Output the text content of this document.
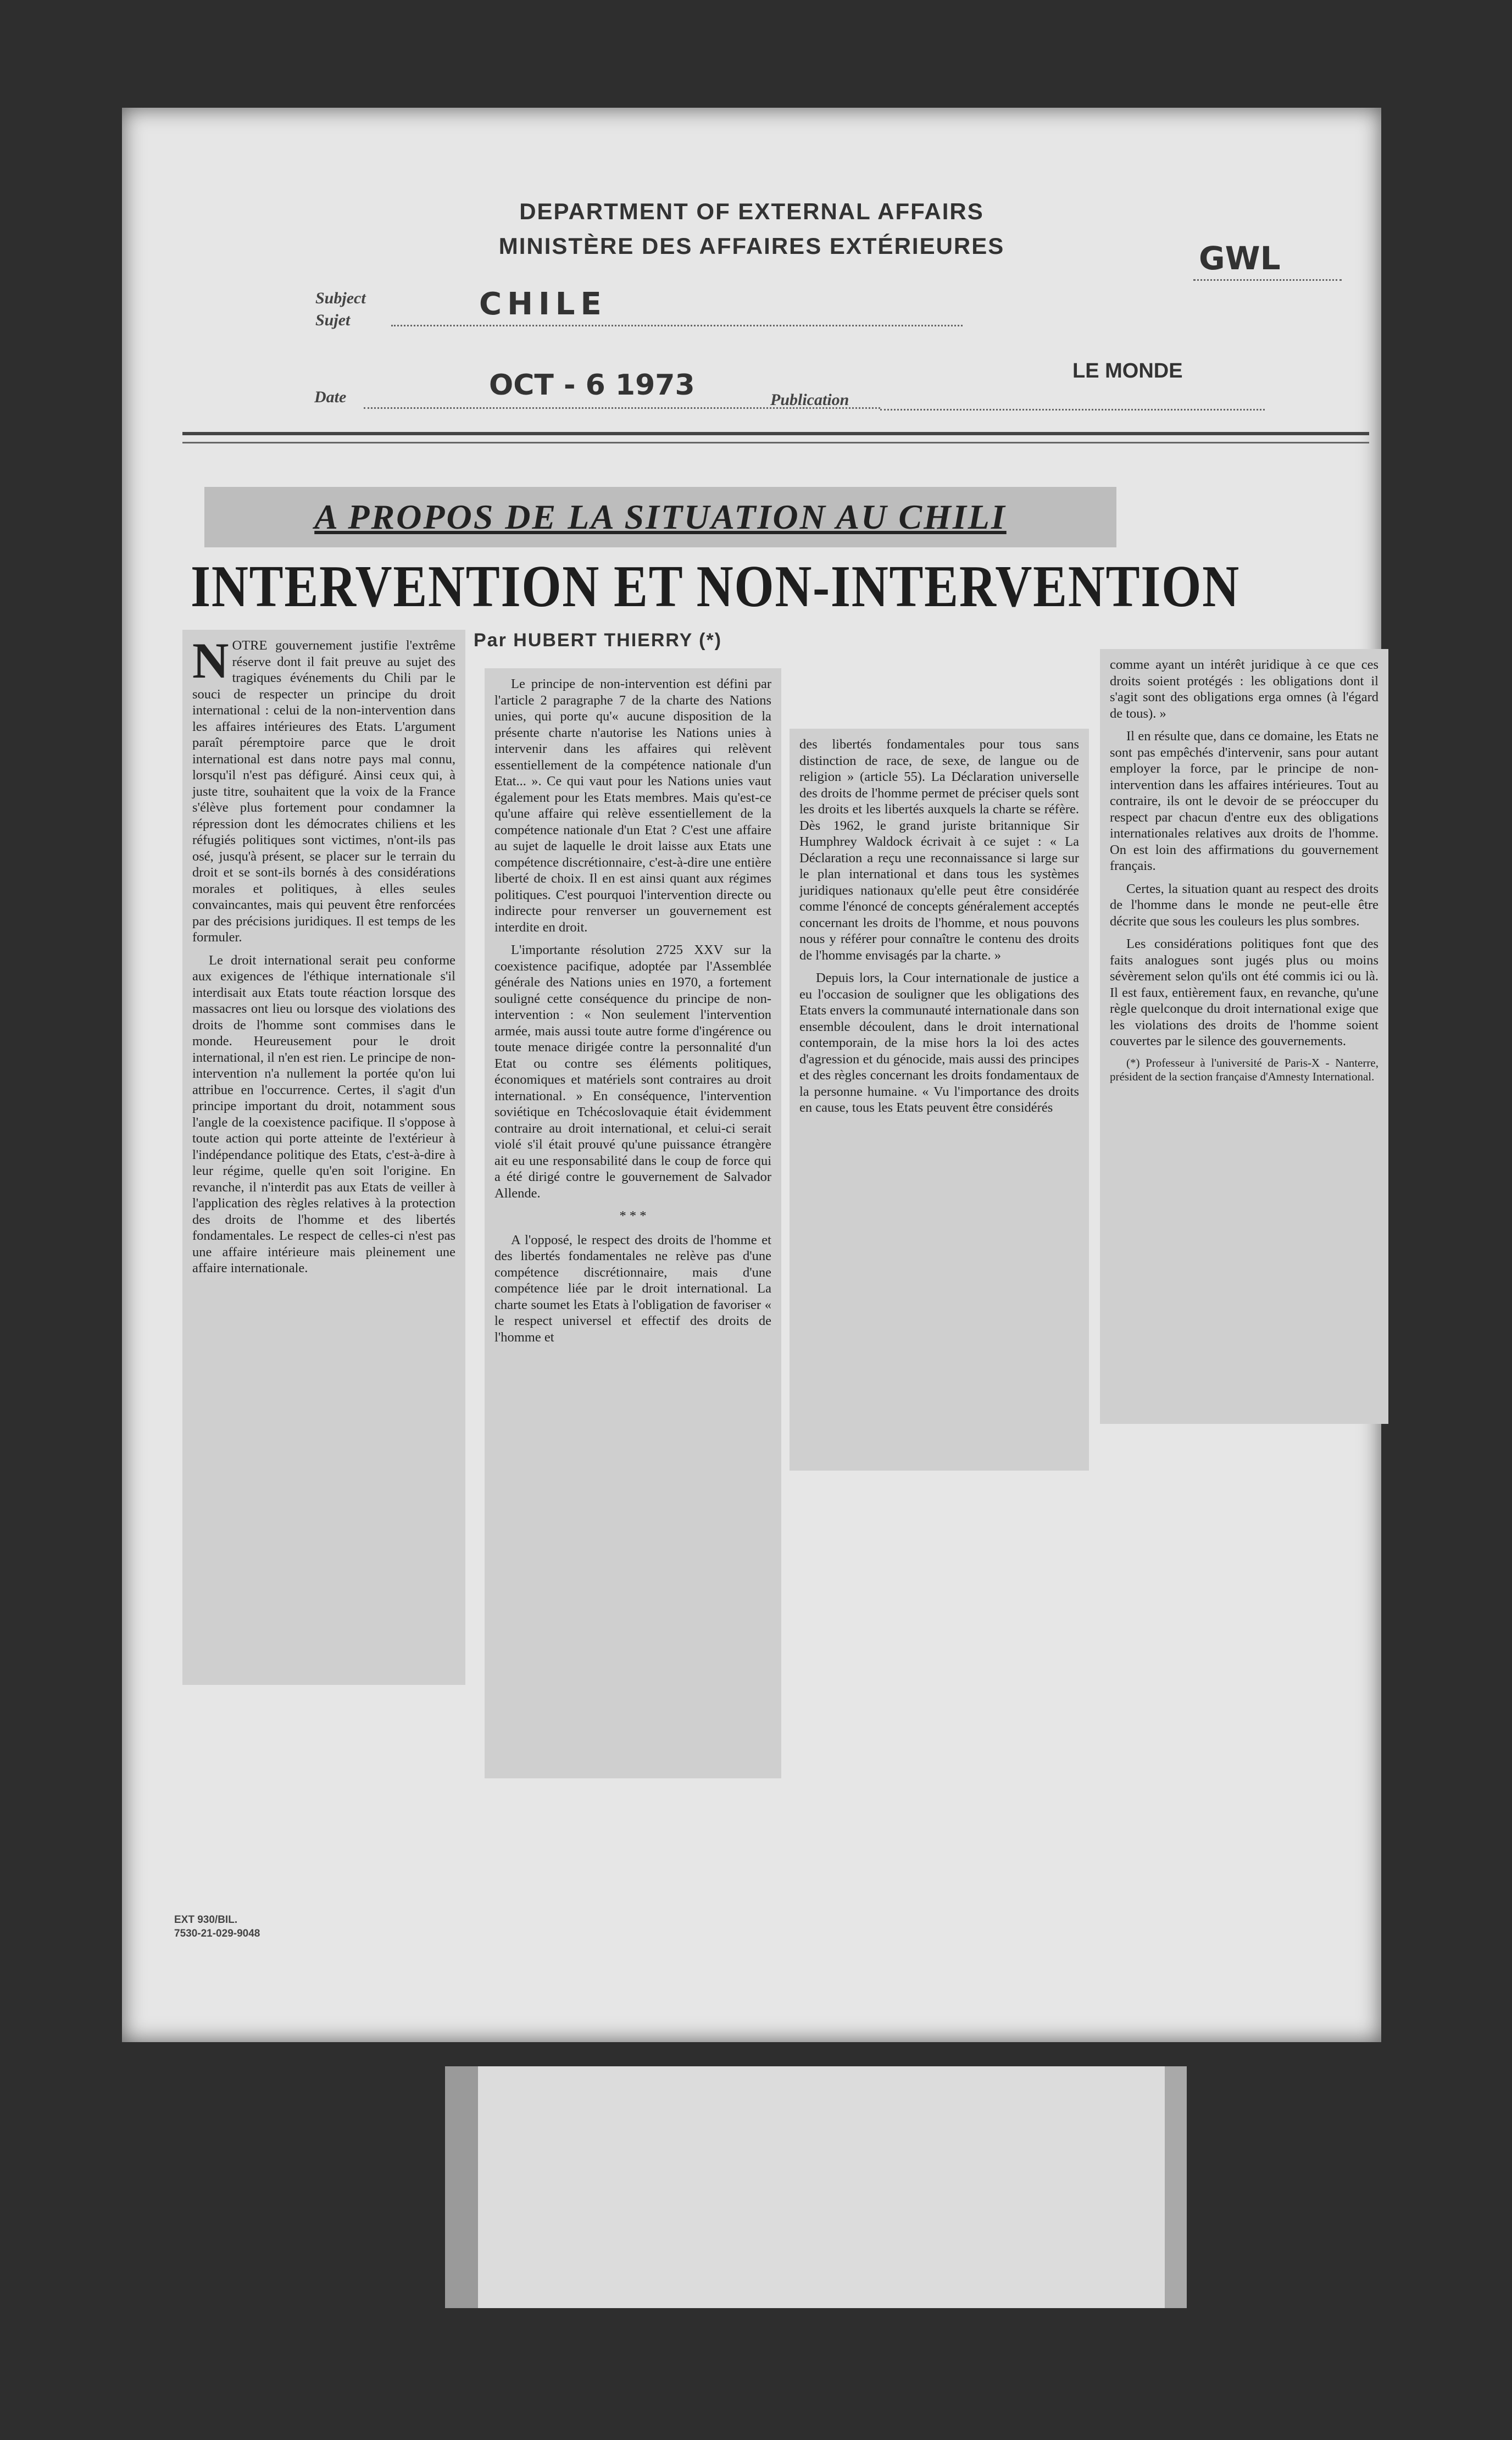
DEPARTMENT OF EXTERNAL AFFAIRS
MINISTÈRE DES AFFAIRES EXTÉRIEURES	GWL
Subject
Sujet	CHILE
Date	OCT - 6 1973	Publication
LE MONDE
A PROPOS DE LA SITUATION AU CHILI
INTERVENTION ET NON-INTERVENTION
Par HUBERT THIERRY (*)

NOTRE gouvernement justifie l'extrême réserve dont il fait preuve au sujet des tragiques événements du Chili par le souci de respecter un principe du droit international : celui de la non-intervention dans les affaires intérieures des Etats. L'argument paraît péremptoire parce que le droit international est dans notre pays mal connu, lorsqu'il n'est pas défiguré. Ainsi ceux qui, à juste titre, souhaitent que la voix de la France s'élève plus fortement pour condamner la répression dont les démocrates chiliens et les réfugiés politiques sont victimes, n'ont-ils pas osé, jusqu'à présent, se placer sur le terrain du droit et se sont-ils bornés à des considérations morales et politiques, à elles seules convaincantes, mais qui peuvent être renforcées par des précisions juridiques. Il est temps de les formuler.

Le droit international serait peu conforme aux exigences de l'éthique internationale s'il interdisait aux Etats toute réaction lorsque des massacres ont lieu ou lorsque des violations des droits de l'homme sont commises dans le monde. Heureusement pour le droit international, il n'en est rien. Le principe de non-intervention n'a nullement la portée qu'on lui attribue en l'occurrence. Certes, il s'agit d'un principe important du droit, notamment sous l'angle de la coexistence pacifique. Il s'oppose à toute action qui porte atteinte de l'extérieur à l'indépendance politique des Etats, c'est-à-dire à leur régime, quelle qu'en soit l'origine. En revanche, il n'interdit pas aux Etats de veiller à l'application des règles relatives à la protection des droits de l'homme et des libertés fondamentales. Le respect de celles-ci n'est pas une affaire intérieure mais pleinement une affaire internationale.

Le principe de non-intervention est défini par l'article 2 paragraphe 7 de la charte des Nations unies, qui porte qu'« aucune disposition de la présente charte n'autorise les Nations unies à intervenir dans les affaires qui relèvent essentiellement de la compétence nationale d'un Etat... ». Ce qui vaut pour les Nations unies vaut également pour les Etats membres. Mais qu'est-ce qu'une affaire qui relève essentiellement de la compétence nationale d'un Etat ? C'est une affaire au sujet de laquelle le droit laisse aux Etats une compétence discrétionnaire, c'est-à-dire une entière liberté de choix. Il en est ainsi quant aux régimes politiques. C'est pourquoi l'intervention directe ou indirecte pour renverser un gouvernement est interdite en droit.

L'importante résolution 2725 XXV sur la coexistence pacifique, adoptée par l'Assemblée générale des Nations unies en 1970, a fortement souligné cette conséquence du principe de non-intervention : « Non seulement l'intervention armée, mais aussi toute autre forme d'ingérence ou toute menace dirigée contre la personnalité d'un Etat ou contre ses éléments politiques, économiques et matériels sont contraires au droit international. » En conséquence, l'intervention soviétique en Tchécoslovaquie était évidemment contraire au droit international, et celui-ci serait violé s'il était prouvé qu'une puissance étrangère ait eu une responsabilité dans le coup de force qui a été dirigé contre le gouvernement de Salvador Allende.

* * *

A l'opposé, le respect des droits de l'homme et des libertés fondamentales ne relève pas d'une compétence discrétionnaire, mais d'une compétence liée par le droit international. La charte soumet les Etats à l'obligation de favoriser « le respect universel et effectif des droits de l'homme et

des libertés fondamentales pour tous sans distinction de race, de sexe, de langue ou de religion » (article 55). La Déclaration universelle des droits de l'homme permet de préciser quels sont les droits et les libertés auxquels la charte se réfère. Dès 1962, le grand juriste britannique Sir Humphrey Waldock écrivait à ce sujet : « La Déclaration a reçu une reconnaissance si large sur le plan international et dans tous les systèmes juridiques nationaux qu'elle peut être considérée comme l'énoncé de concepts généralement acceptés concernant les droits de l'homme, et nous pouvons nous y référer pour connaître le contenu des droits de l'homme envisagés par la charte. »

Depuis lors, la Cour internationale de justice a eu l'occasion de souligner que les obligations des Etats envers la communauté internationale dans son ensemble découlent, dans le droit international contemporain, de la mise hors la loi des actes d'agression et du génocide, mais aussi des principes et des règles concernant les droits fondamentaux de la personne humaine. « Vu l'importance des droits en cause, tous les Etats peuvent être considérés

comme ayant un intérêt juridique à ce que ces droits soient protégés : les obligations dont il s'agit sont des obligations erga omnes (à l'égard de tous). »

Il en résulte que, dans ce domaine, les Etats ne sont pas empêchés d'intervenir, sans pour autant employer la force, par le principe de non-intervention dans les affaires intérieures. Tout au contraire, ils ont le devoir de se préoccuper du respect par chacun d'entre eux des obligations internationales relatives aux droits de l'homme. On est loin des affirmations du gouvernement français.

Certes, la situation quant au respect des droits de l'homme dans le monde ne peut-elle être décrite que sous les couleurs les plus sombres.

Les considérations politiques font que des faits analogues sont jugés plus ou moins sévèrement selon qu'ils ont été commis ici ou là. Il est faux, entièrement faux, en revanche, qu'une règle quelconque du droit international exige que les violations des droits de l'homme soient couvertes par le silence des gouvernements.

(*) Professeur à l'université de Paris-X - Nanterre, président de la section française d'Amnesty International.

EXT 930/BIL.
7530-21-029-9048
